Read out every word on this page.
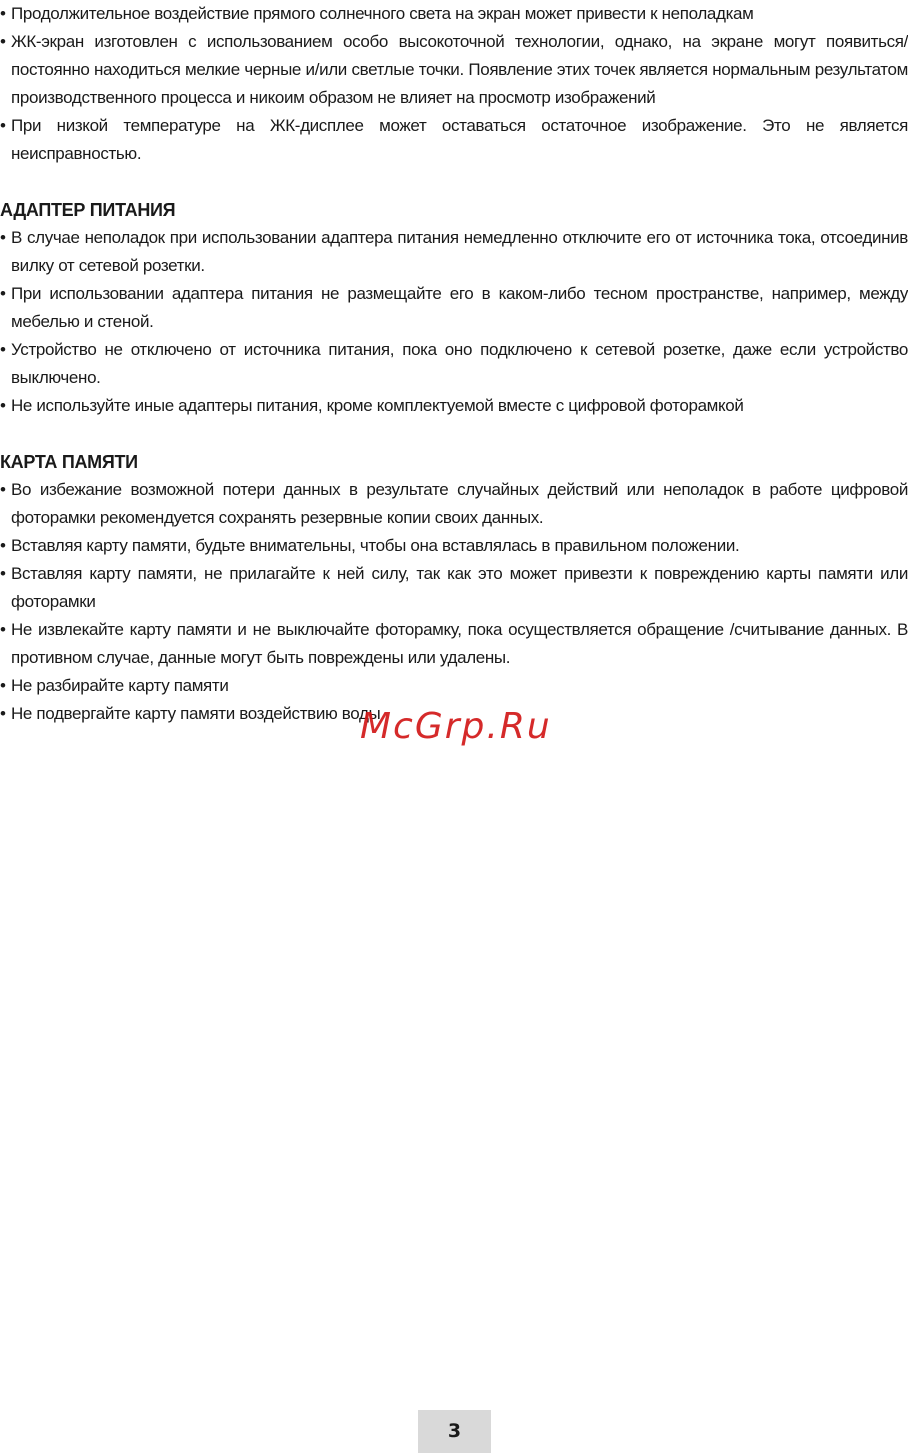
• Продолжительное воздействие прямого солнечного света на экран может привести к неполадкам
• ЖК-экран изготовлен с использованием особо высокоточной технологии, однако, на экране могут появиться/постоянно находиться мелкие черные и/или светлые точки. Появление этих точек является нормальным результатом производственного процесса и никоим образом не влияет на просмотр изображений
• При низкой температуре на ЖК-дисплее может оставаться остаточное изображение. Это не является неисправностью.
АДАПТЕР ПИТАНИЯ
• В случае неполадок при использовании адаптера питания немедленно отключите его от источника тока, отсоединив вилку от сетевой розетки.
• При использовании адаптера питания не размещайте его в каком-либо тесном пространстве, например, между мебелью и стеной.
• Устройство не отключено от источника питания, пока оно подключено к сетевой розетке, даже если устройство выключено.
• Не используйте иные адаптеры питания, кроме комплектуемой вместе с цифровой фоторамкой
КАРТА ПАМЯТИ
• Во избежание возможной потери данных в результате случайных действий или неполадок в работе цифровой фоторамки рекомендуется сохранять резервные копии своих данных.
• Вставляя карту памяти, будьте внимательны, чтобы она вставлялась в правильном положении.
• Вставляя карту памяти, не прилагайте к ней силу, так как это может привезти к повреждению карты памяти или фоторамки
• Не извлекайте карту памяти и не выключайте фоторамку, пока осуществляется обращение /считывание данных. В противном случае, данные могут быть повреждены или удалены.
• Не разбирайте карту памяти
• Не подвергайте карту памяти воздействию воды
McGrp.Ru
3
